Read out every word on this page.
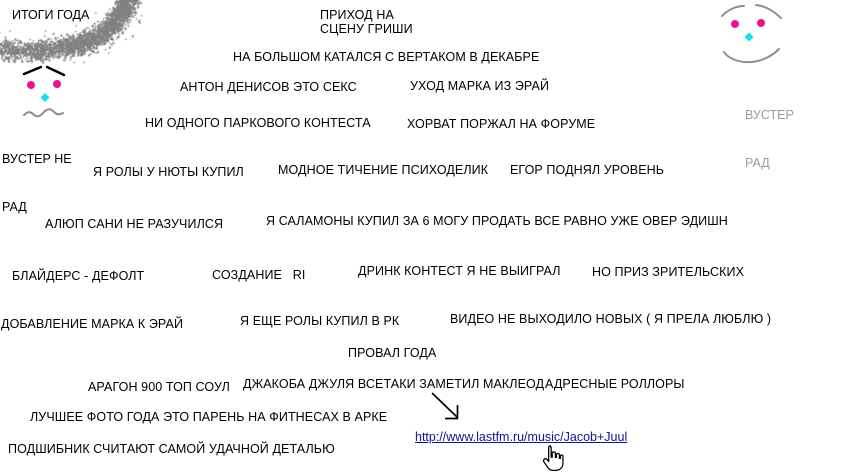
ИТОГИ ГОДА	ПРИХОД НА
СЦЕНУ ГРИШИ
НА БОЛЬШОМ КАТАЛСЯ С ВЕРТАКОМ В ДЕКАБРЕ
АНТОН ДЕНИСОВ ЭТО СЕКС	УХОД МАРКА ИЗ ЭРАЙ
НИ ОДНОГО ПАРКОВОГО КОНТЕСТА	ХОРВАТ ПОРЖАЛ НА ФОРУМЕ
Я РОЛЫ У НЮТЫ КУПИЛ	МОДНОЕ ТИЧЕНИЕ ПСИХОДЕЛИК ЕГОР ПОДНЯЛ УРОВЕНЬ
АЛЮП САНИ НЕ РАЗУЧИЛСЯ	Я САЛАМОНЫ КУПИЛ ЗА 6 МОГУ ПРОДАТЬ ВСЕ РАВНО УЖЕ ОВЕР ЭДИШН
БЛАЙДЕРС - ДЕФОЛТ	СОЗДАНИЕ   RI	ДРИНК КОНТЕСТ Я НЕ ВЫИГРАЛ	НО ПРИЗ ЗРИТЕЛЬСКИХ
ДОБАВЛЕНИЕ МАРКА К ЭРАЙ	Я ЕЩЕ РОЛЫ КУПИЛ В РК	ВИДЕО НЕ ВЫХОДИЛО НОВЫХ ( Я ПРЕЛА ЛЮБЛЮ )
ПРОВАЛ ГОДА
АРАГОН 900 ТОП СОУЛ ДЖАКОБА ДЖУЛЯ ВСЕТАКИ ЗАМЕТИЛ МАКЛЕОД АДРЕСНЫЕ РОЛЛОРЫ
ЛУЧШЕЕ ФОТО ГОДА ЭТО ПАРЕНЬ НА ФИТНЕСАХ В АРКЕ
ПОДШИБНИК СЧИТАЮТ САМОЙ УДАЧНОЙ ДЕТАЛЬЮ

ВУСТЕР НЕ

РАД

ВУСТЕР

РАД

http://www.lastfm.ru/music/Jacob+Juul
